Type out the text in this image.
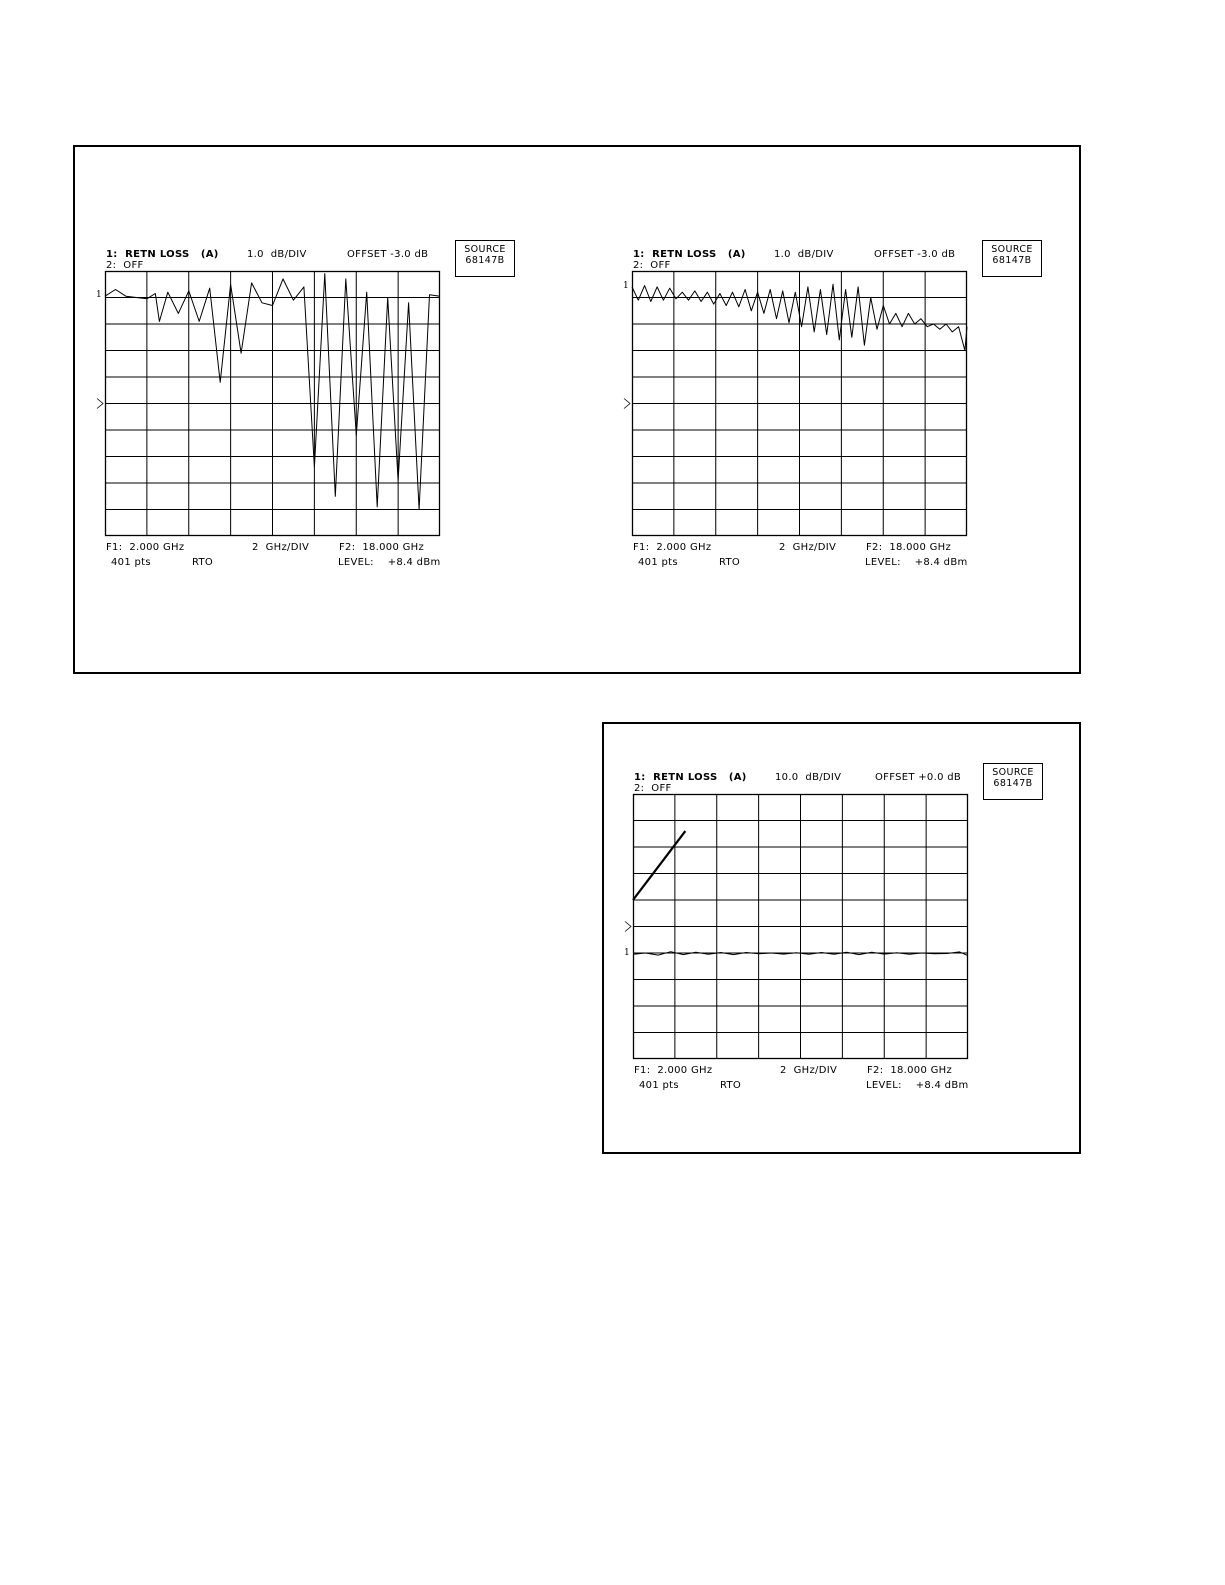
1:  RETN LOSS   (A)
2:  OFF
1.0  dB/DIV	OFFSET -3.0 dB	SOURCE
68147B
1
F1:  2.000 GHz	2  GHz/DIV	F2:  18.000 GHz
401 pts	RTO	LEVEL:    +8.4 dBm
1:  RETN LOSS   (A)
2:  OFF
1.0  dB/DIV	OFFSET -3.0 dB	SOURCE
68147B
1
F1:  2.000 GHz	2  GHz/DIV	F2:  18.000 GHz
401 pts	RTO	LEVEL:    +8.4 dBm
1:  RETN LOSS   (A)
2:  OFF
10.0  dB/DIV	OFFSET +0.0 dB	SOURCE
68147B
1
F1:  2.000 GHz	2  GHz/DIV	F2:  18.000 GHz
401 pts	RTO	LEVEL:    +8.4 dBm
